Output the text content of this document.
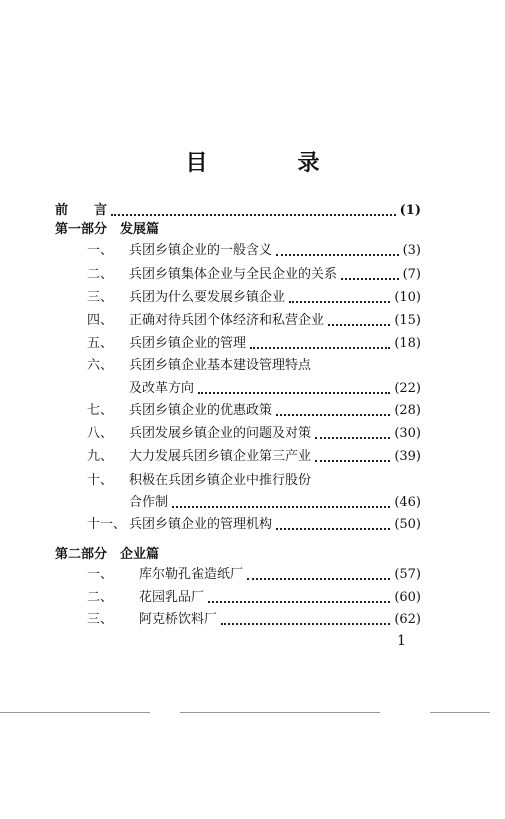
目　录
前　　言	(1)
第一部分　发展篇
一、	兵团乡镇企业的一般含义	(3)
二、	兵团乡镇集体企业与全民企业的关系	(7)
三、	兵团为什么要发展乡镇企业	(10)
四、	正确对待兵团个体经济和私营企业	(15)
五、	兵团乡镇企业的管理	(18)
六、	兵团乡镇企业基本建设管理特点
及改革方向	(22)
七、	兵团乡镇企业的优惠政策	(28)
八、	兵团发展乡镇企业的问题及对策	(30)
九、	大力发展兵团乡镇企业第三产业	(39)
十、	积极在兵团乡镇企业中推行股份
合作制	(46)
十一、 兵团乡镇企业的管理机构	(50)
第二部分　企业篇
一、	库尔勒孔雀造纸厂	(57)
二、	花园乳品厂	(60)
三、	阿克桥饮料厂	(62)
1
